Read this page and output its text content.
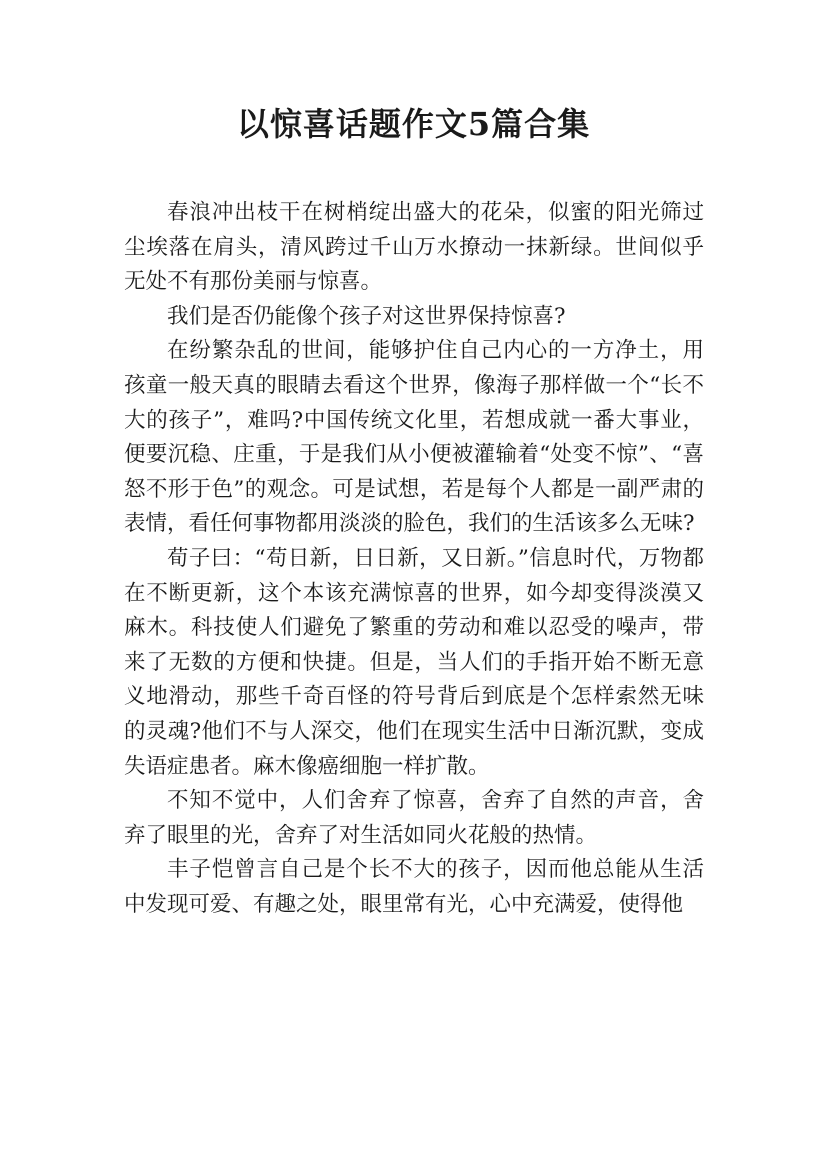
以惊喜话题作文5篇合集

春浪冲出枝干在树梢绽出盛大的花朵，似蜜的阳光筛过尘埃落在肩头，清风跨过千山万水撩动一抹新绿。世间似乎无处不有那份美丽与惊喜。

我们是否仍能像个孩子对这世界保持惊喜?

在纷繁杂乱的世间，能够护住自己内心的一方净土，用孩童一般天真的眼睛去看这个世界，像海子那样做一个“长不大的孩子”，难吗?中国传统文化里，若想成就一番大事业，便要沉稳、庄重，于是我们从小便被灌输着“处变不惊”、“喜怒不形于色”的观念。可是试想，若是每个人都是一副严肃的表情，看任何事物都用淡淡的脸色，我们的生活该多么无味?

荀子曰：“苟日新，日日新，又日新。”信息时代，万物都在不断更新，这个本该充满惊喜的世界，如今却变得淡漠又麻木。科技使人们避免了繁重的劳动和难以忍受的噪声，带来了无数的方便和快捷。但是，当人们的手指开始不断无意义地滑动，那些千奇百怪的符号背后到底是个怎样索然无味的灵魂?他们不与人深交，他们在现实生活中日渐沉默，变成失语症患者。麻木像癌细胞一样扩散。

不知不觉中，人们舍弃了惊喜，舍弃了自然的声音，舍弃了眼里的光，舍弃了对生活如同火花般的热情。

丰子恺曾言自己是个长不大的孩子，因而他总能从生活中发现可爱、有趣之处，眼里常有光，心中充满爱，使得他
